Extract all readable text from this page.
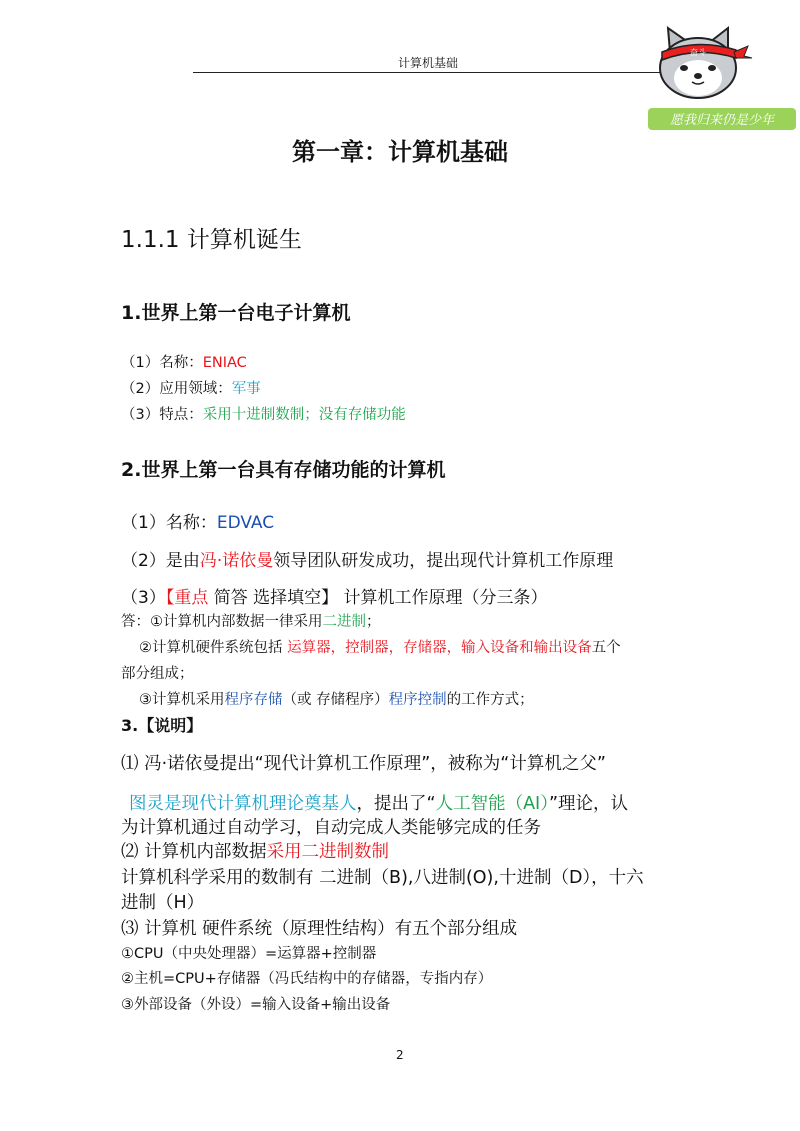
计算机基础
奋斗
愿我归来仍是少年
第一章：计算机基础
1.1.1 计算机诞生
1.世界上第一台电子计算机
（1）名称：ENIAC
（2）应用领域：军事
（3）特点：采用十进制数制；没有存储功能
2.世界上第一台具有存储功能的计算机
（1）名称：EDVAC
（2）是由冯·诺依曼领导团队研发成功，提出现代计算机工作原理
（3）【重点 简答 选择填空】 计算机工作原理（分三条）
答：①计算机内部数据一律采用二进制；
②计算机硬件系统包括 运算器，控制器，存储器，输入设备和输出设备五个
部分组成；
③计算机采用程序存储（或 存储程序）程序控制的工作方式；
3.【说明】
⑴ 冯·诺依曼提出“现代计算机工作原理”，被称为“计算机之父”
图灵是现代计算机理论奠基人，提出了“人工智能（AI）”理论，认
为计算机通过自动学习，自动完成人类能够完成的任务
⑵ 计算机内部数据采用二进制数制
计算机科学采用的数制有 二进制（B),八进制(O),十进制（D），十六
进制（H）
⑶ 计算机 硬件系统（原理性结构）有五个部分组成
①CPU（中央处理器）=运算器+控制器
②主机=CPU+存储器（冯氏结构中的存储器，专指内存）
③外部设备（外设）=输入设备+输出设备
2
